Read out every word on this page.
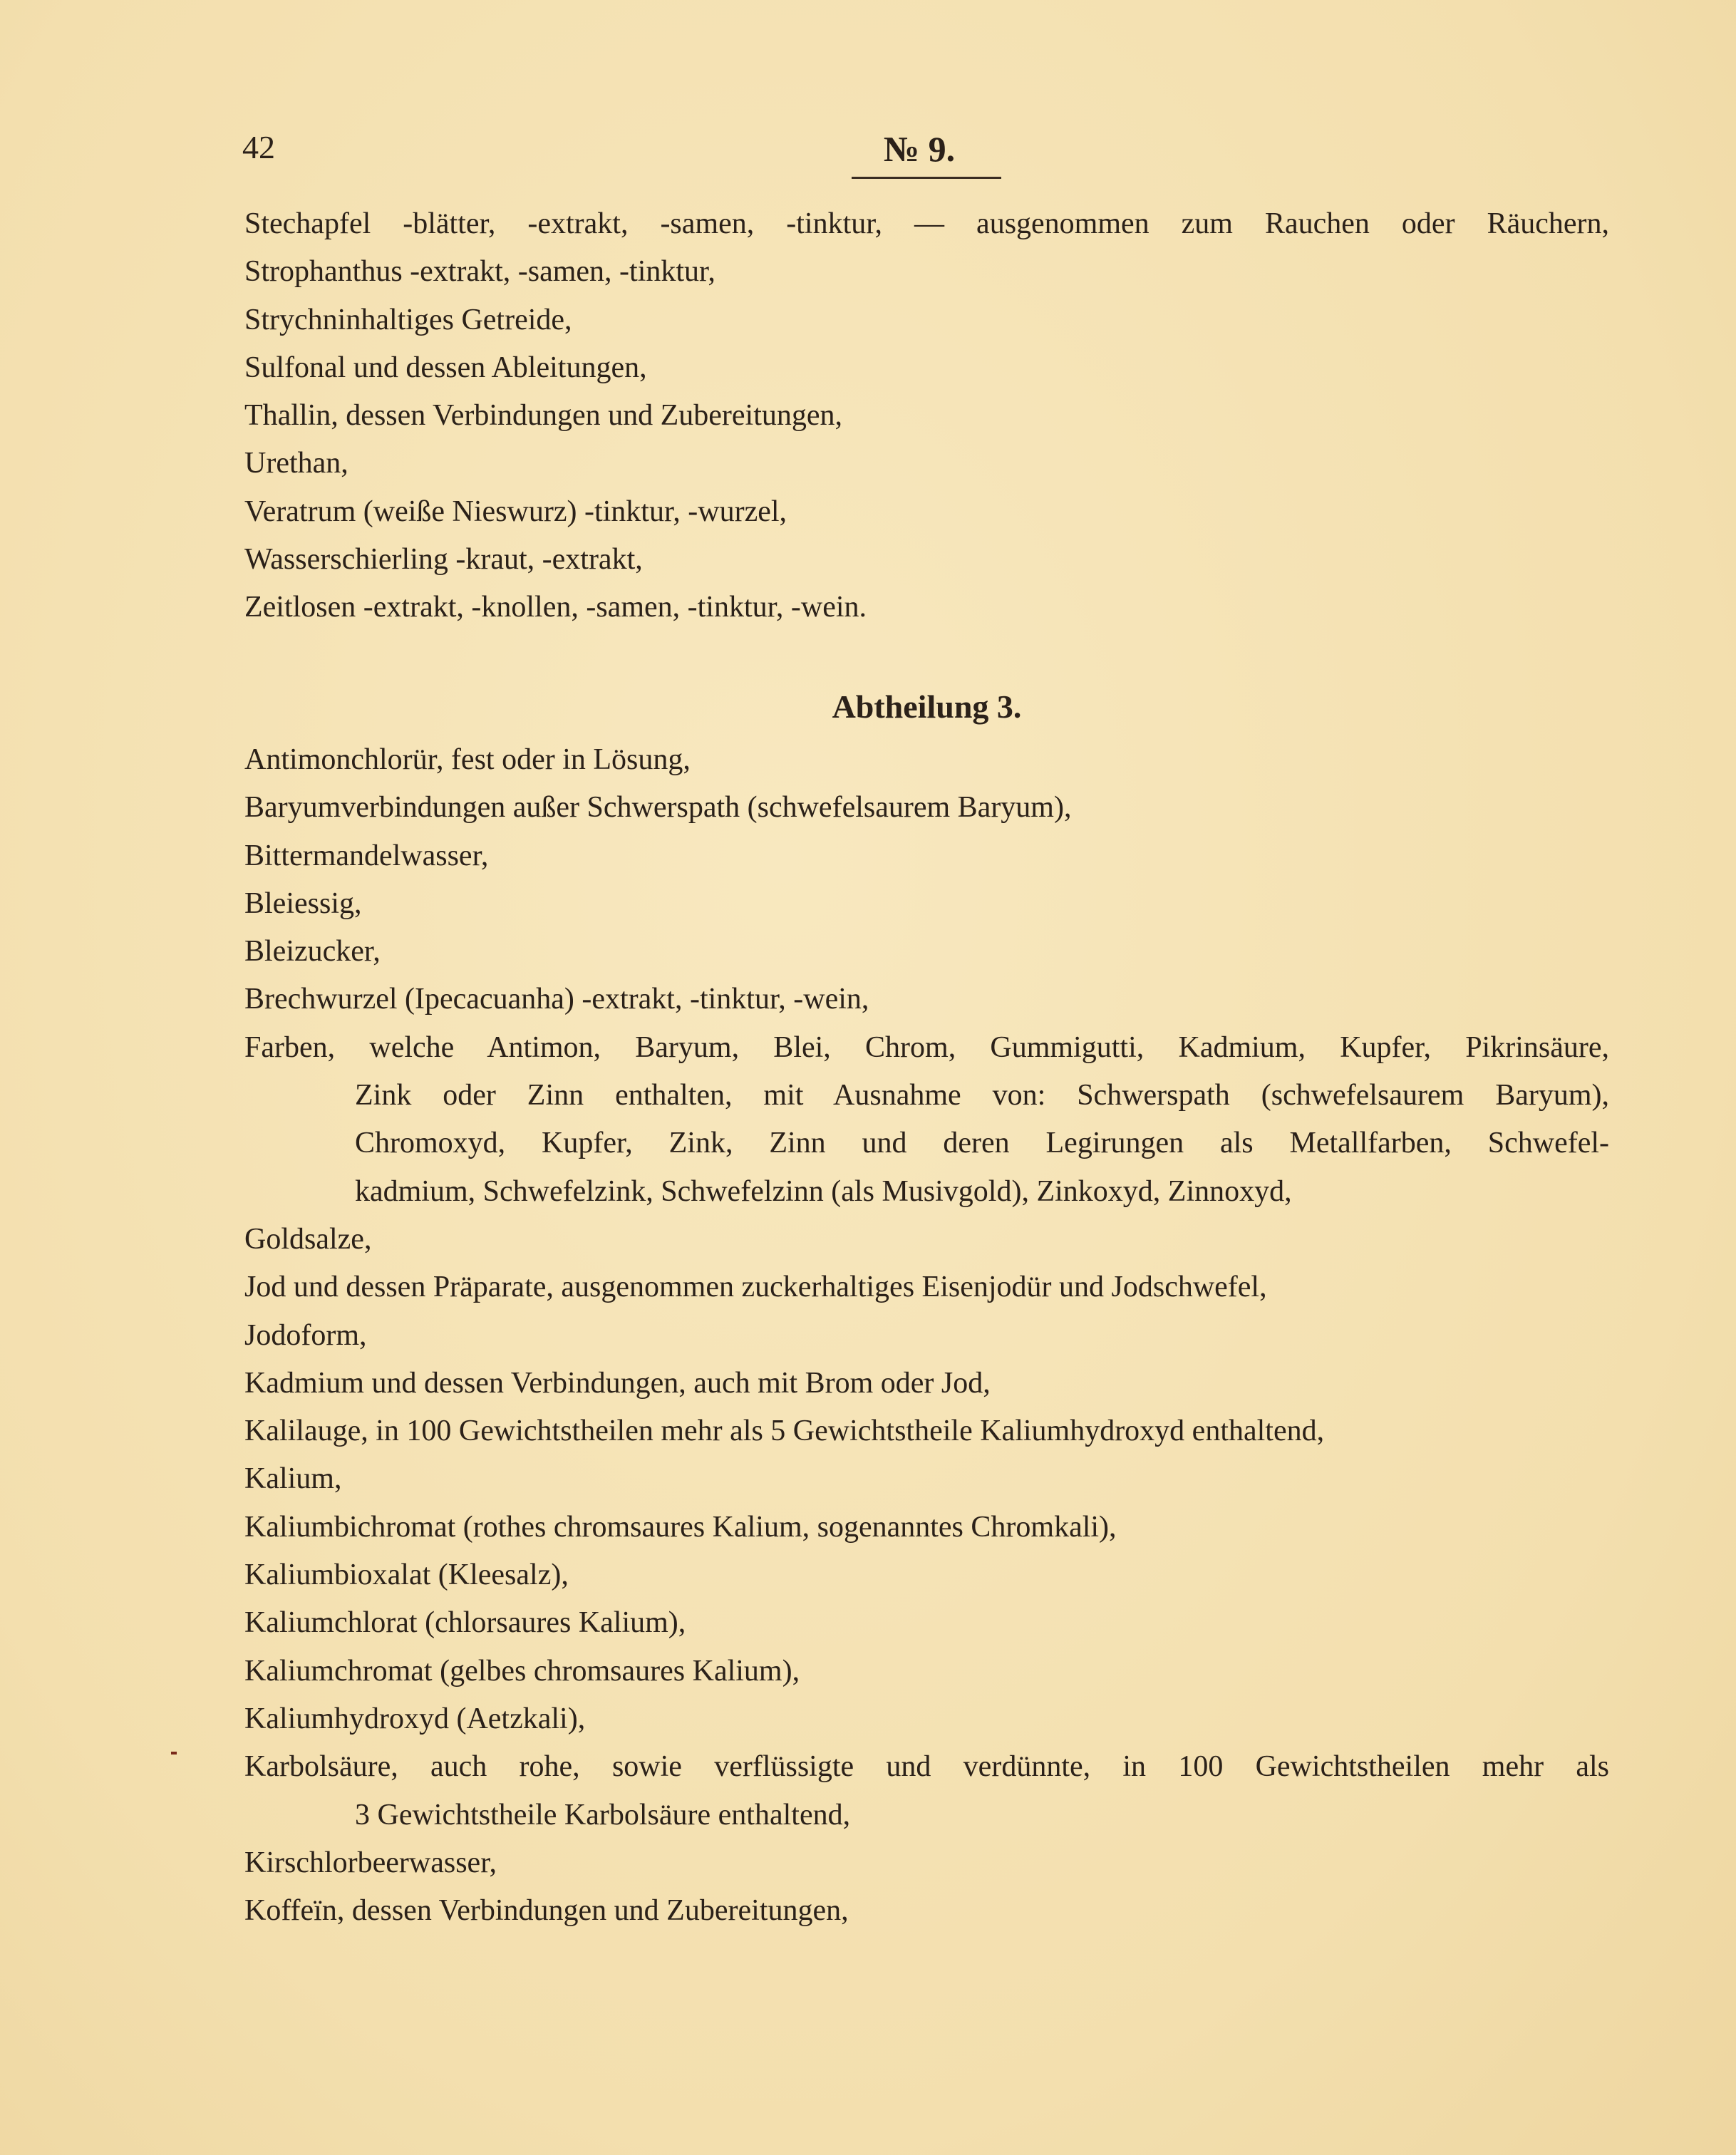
42	№ 9.
Stechapfel -blätter, -extrakt, -samen, -tinktur, — ausgenommen zum Rauchen oder Räuchern,
Strophanthus -extrakt, -samen, -tinktur,
Strychninhaltiges Getreide,
Sulfonal und dessen Ableitungen,
Thallin, dessen Verbindungen und Zubereitungen,
Urethan,
Veratrum (weiße Nieswurz) -tinktur, -wurzel,
Wasserschierling -kraut, -extrakt,
Zeitlosen -extrakt, -knollen, -samen, -tinktur, -wein.
Abtheilung 3.
Antimonchlorür, fest oder in Lösung,
Baryumverbindungen außer Schwerspath (schwefelsaurem Baryum),
Bittermandelwasser,
Bleiessig,
Bleizucker,
Brechwurzel (Ipecacuanha) -extrakt, -tinktur, -wein,
Farben, welche Antimon, Baryum, Blei, Chrom, Gummigutti, Kadmium, Kupfer, Pikrinsäure,
Zink oder Zinn enthalten, mit Ausnahme von: Schwerspath (schwefelsaurem Baryum),
Chromoxyd, Kupfer, Zink, Zinn und deren Legirungen als Metallfarben, Schwefel-
kadmium, Schwefelzink, Schwefelzinn (als Musivgold), Zinkoxyd, Zinnoxyd,
Goldsalze,
Jod und dessen Präparate, ausgenommen zuckerhaltiges Eisenjodür und Jodschwefel,
Jodoform,
Kadmium und dessen Verbindungen, auch mit Brom oder Jod,
Kalilauge, in 100 Gewichtstheilen mehr als 5 Gewichtstheile Kaliumhydroxyd enthaltend,
Kalium,
Kaliumbichromat (rothes chromsaures Kalium, sogenanntes Chromkali),
Kaliumbioxalat (Kleesalz),
Kaliumchlorat (chlorsaures Kalium),
Kaliumchromat (gelbes chromsaures Kalium),
Kaliumhydroxyd (Aetzkali),
Karbolsäure, auch rohe, sowie verflüssigte und verdünnte, in 100 Gewichtstheilen mehr als
3 Gewichtstheile Karbolsäure enthaltend,
Kirschlorbeerwasser,
Koffeïn, dessen Verbindungen und Zubereitungen,
